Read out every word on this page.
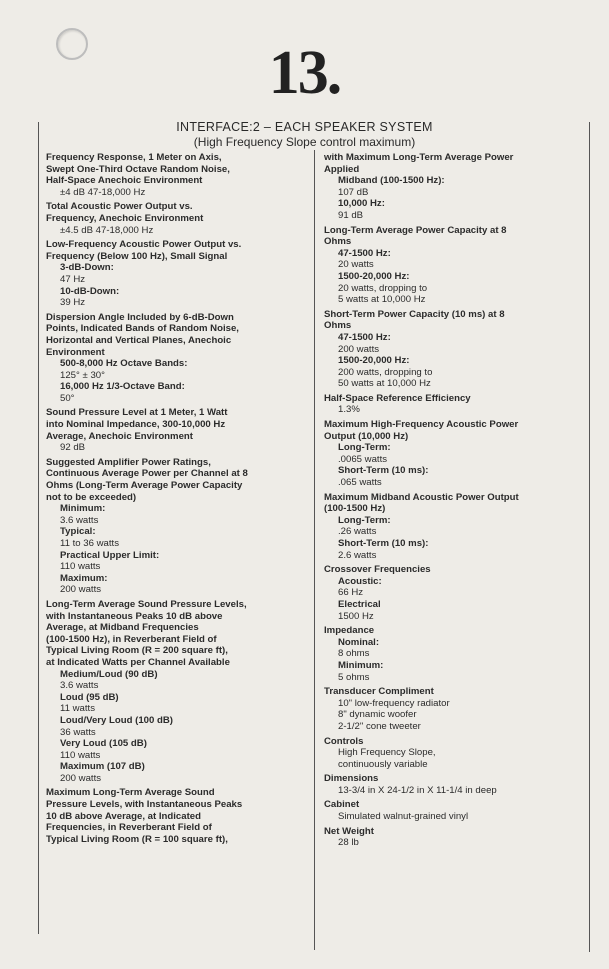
13.
INTERFACE:2 – EACH SPEAKER SYSTEM
(High Frequency Slope control maximum)
Frequency Response, 1 Meter on Axis,
Swept One-Third Octave Random Noise,
Half-Space Anechoic Environment
±4 dB 47-18,000 Hz
Total Acoustic Power Output vs.
Frequency, Anechoic Environment
±4.5 dB 47-18,000 Hz
Low-Frequency Acoustic Power Output vs.
Frequency (Below 100 Hz), Small Signal
3-dB-Down:
47 Hz
10-dB-Down:
39 Hz
Dispersion Angle Included by 6-dB-Down
Points, Indicated Bands of Random Noise,
Horizontal and Vertical Planes, Anechoic
Environment
500-8,000 Hz Octave Bands:
125° ± 30°
16,000 Hz 1/3-Octave Band:
50°
Sound Pressure Level at 1 Meter, 1 Watt
into Nominal Impedance, 300-10,000 Hz
Average, Anechoic Environment
92 dB
Suggested Amplifier Power Ratings,
Continuous Average Power per Channel at 8
Ohms (Long-Term Average Power Capacity
not to be exceeded)
Minimum:
3.6 watts
Typical:
11 to 36 watts
Practical Upper Limit:
110 watts
Maximum:
200 watts
Long-Term Average Sound Pressure Levels,
with Instantaneous Peaks 10 dB above
Average, at Midband Frequencies
(100-1500 Hz), in Reverberant Field of
Typical Living Room (R = 200 square ft),
at Indicated Watts per Channel Available
Medium/Loud (90 dB)
3.6 watts
Loud (95 dB)
11 watts
Loud/Very Loud (100 dB)
36 watts
Very Loud (105 dB)
110 watts
Maximum (107 dB)
200 watts
Maximum Long-Term Average Sound
Pressure Levels, with Instantaneous Peaks
10 dB above Average, at Indicated
Frequencies, in Reverberant Field of
Typical Living Room (R = 100 square ft),
with Maximum Long-Term Average Power
Applied
Midband (100-1500 Hz):
107 dB
10,000 Hz:
91 dB
Long-Term Average Power Capacity at 8
Ohms
47-1500 Hz:
20 watts
1500-20,000 Hz:
20 watts, dropping to
5 watts at 10,000 Hz
Short-Term Power Capacity (10 ms) at 8
Ohms
47-1500 Hz:
200 watts
1500-20,000 Hz:
200 watts, dropping to
50 watts at 10,000 Hz
Half-Space Reference Efficiency
1.3%
Maximum High-Frequency Acoustic Power
Output (10,000 Hz)
Long-Term:
.0065 watts
Short-Term (10 ms):
.065 watts
Maximum Midband Acoustic Power Output
(100-1500 Hz)
Long-Term:
.26 watts
Short-Term (10 ms):
2.6 watts
Crossover Frequencies
Acoustic:
66 Hz
Electrical
1500 Hz
Impedance
Nominal:
8 ohms
Minimum:
5 ohms
Transducer Compliment
10" low-frequency radiator
8" dynamic woofer
2-1/2" cone tweeter
Controls
High Frequency Slope,
continuously variable
Dimensions
13-3/4 in X 24-1/2 in X 11-1/4 in deep
Cabinet
Simulated walnut-grained vinyl
Net Weight
28 lb
